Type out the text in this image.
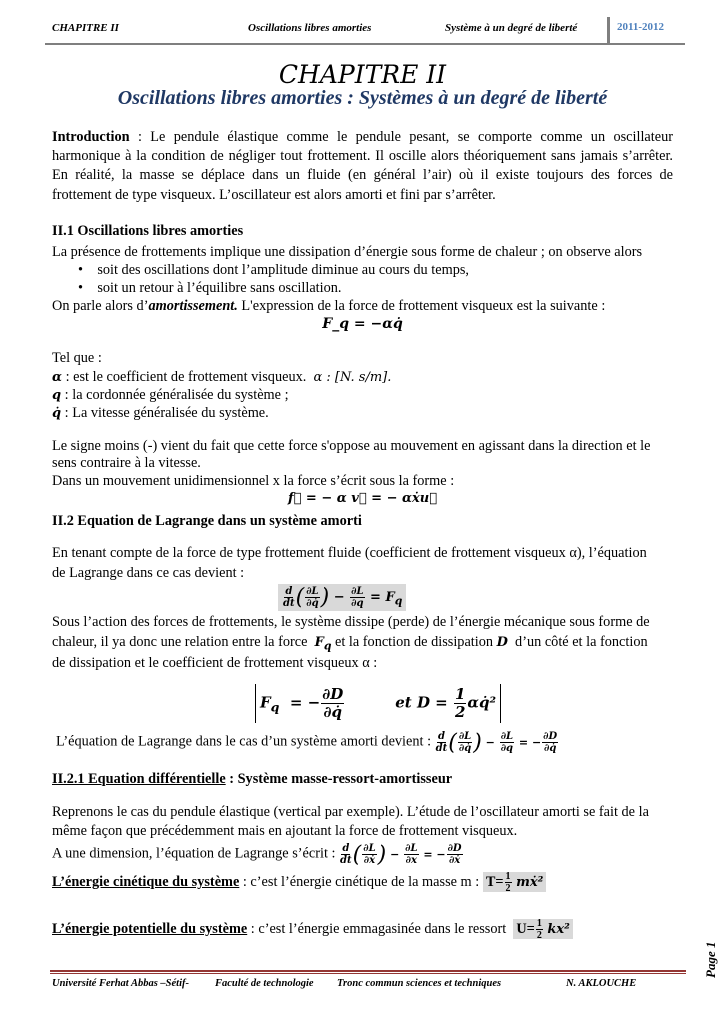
CHAPITRE II	Oscillations libres amorties	Système à un degré de liberté	2011-2012
CHAPITRE II
Oscillations libres amorties : Systèmes à un degré de liberté
Introduction : Le pendule élastique comme le pendule pesant, se comporte comme un oscillateur
harmonique à la condition de négliger tout frottement. Il oscille alors théoriquement sans jamais s’arrêter.
En réalité, la masse se déplace dans un fluide (en général l’air) où il existe toujours des forces de
frottement de type visqueux. L’oscillateur est alors amorti et fini par s’arrêter.
II.1 Oscillations libres amorties
La présence de frottements implique une dissipation d’énergie sous forme de chaleur ; on observe alors
•    soit des oscillations dont l’amplitude diminue au cours du temps,
•    soit un retour à l’équilibre sans oscillation.
On parle alors d’amortissement. L'expression de la force de frottement visqueux est la suivante :
F_q = −αq̇
Tel que :
α : est le coefficient de frottement visqueux. α : [N. s/m].
q : la cordonnée généralisée du système ;
q̇ : La vitesse généralisée du système.
Le signe moins (-) vient du fait que cette force s'oppose au mouvement en agissant dans la direction et le
sens contraire à la vitesse.
Dans un mouvement unidimensionnel x la force s’écrit sous la forme :
f⃗ = − α v⃗ = − αẋu⃗
II.2 Equation de Lagrange dans un système amorti
En tenant compte de la force de type frottement fluide (coefficient de frottement visqueux α), l’équation
de Lagrange dans ce cas devient :
$\frac{d}{dt}$ ( $\frac{\partial L}{\partial q̇}$ ) − $\frac{\partial L}{\partial q} = F_q$
Sous l’action des forces de frottements, le système dissipe (perde) de l’énergie mécanique sous forme de
chaleur, il ya donc une relation entre la force $F_q$ et la fonction de dissipation D d’un côté et la fonction
de dissipation et le coefficient de frottement visqueux α :
$F_q$  = − $\frac{\partial D}{\partial q̇}$	et $D = \frac{1}{2}$ αq̇²
L’équation de Lagrange dans le cas d’un système amorti devient : $\frac{d}{dt}$ ( $\frac{\partial L}{\partial q̇}$ ) − $\frac{\partial L}{\partial q}$ = − $\frac{\partial D}{\partial q̇}$
II.2.1 Equation différentielle : Système masse-ressort-amortisseur
Reprenons le cas du pendule élastique (vertical par exemple). L’étude de l’oscillateur amorti se fait de la
même façon que précédemment mais en ajoutant la force de frottement visqueux.
A une dimension, l’équation de Lagrange s’écrit : $\frac{d}{dt}$ ( $\frac{\partial L}{\text{∂ẋ}}$ ) − $\frac{\partial L}{\partial x}$ = − $\frac{\partial D}{\text{∂ẋ}}$
L’énergie cinétique du système : c’est l’énergie cinétique de la masse m : $T= \frac{1}{2}$ mẋ²
L’énergie potentielle du système : c’est l’énergie emmagasinée dans le ressort $U= \frac{1}{2} kx^2$
Page 1
Université Ferhat Abbas –Sétif- Faculté de technologie Tronc commun sciences et techniques	N. AKLOUCHE
